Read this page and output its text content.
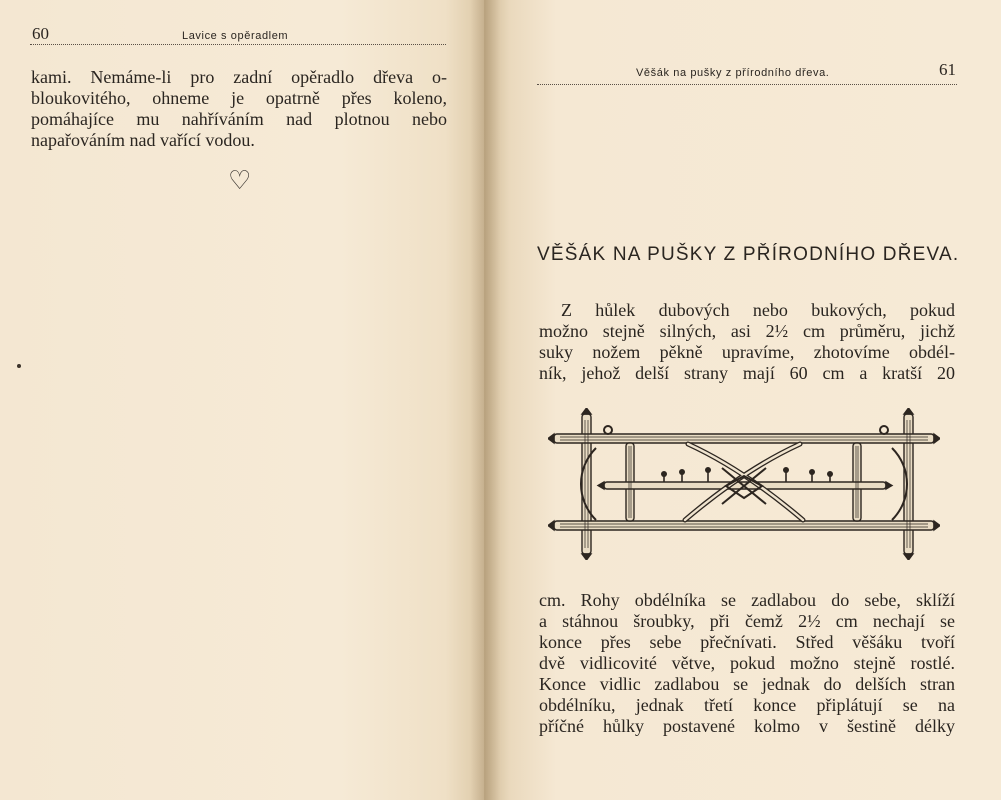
60	Lavice s opěradlem

kami. Nemáme-li pro zadní opěradlo dřeva o-

bloukovitého, ohneme je opatrně přes koleno,

pomáhajíce mu nahříváním nad plotnou nebo

napařováním nad vařící vodou.

♡
Věšák na pušky z přírodního dřeva.	61
VĚŠÁK NA PUŠKY Z PŘÍRODNÍHO DŘEVA.

Z hůlek dubových nebo bukových, pokud

možno stejně silných, asi 2½ cm průměru, jichž

suky nožem pěkně upravíme, zhotovíme obdél-

ník, jehož delší strany mají 60 cm a kratší 20

cm. Rohy obdélníka se zadlabou do sebe, sklíží

a stáhnou šroubky, při čemž 2½ cm nechají se

konce přes sebe přečnívati. Střed věšáku tvoří

dvě vidlicovité větve, pokud možno stejně rostlé.

Konce vidlic zadlabou se jednak do delších stran

obdélníku, jednak třetí konce připlátují se na

příčné hůlky postavené kolmo v šestině délky
